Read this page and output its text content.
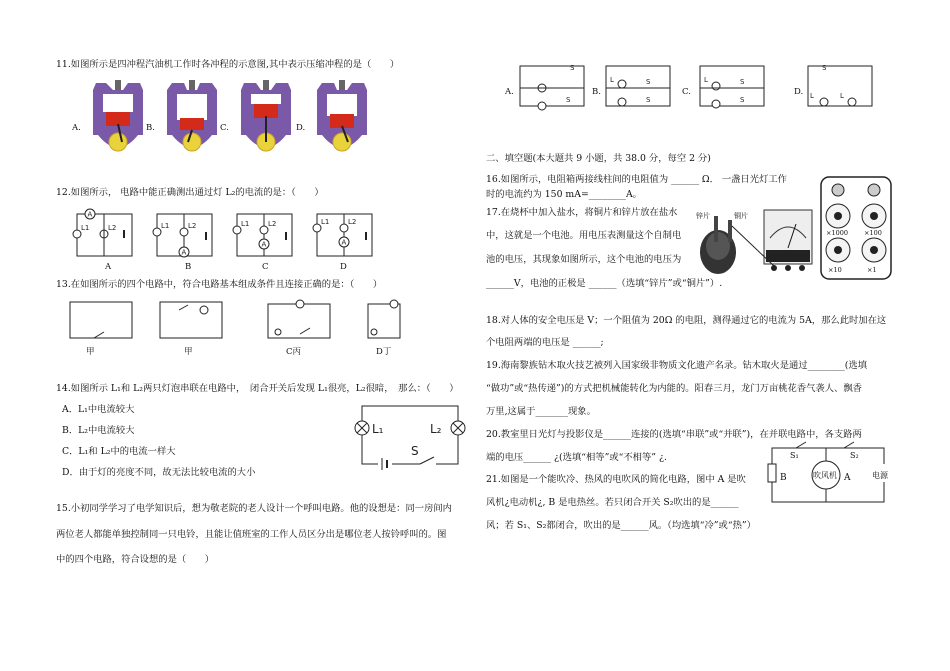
11.如图所示是四冲程汽油机工作时各冲程的示意图,其中表示压缩冲程的是（　　）
A.	B.	C.	D.
12.如图所示， 电路中能正确测出通过灯 L₂的电流的是：（　　）
A
L1	L2
A
L1	L2
A
L1	L2
A
L1	L2
A	B	C	D
13.在如图所示的四个电路中，符合电路基本组成条件且连接正确的是：（　　）
甲	甲	C丙	D丁
14.如图所示 L₁和 L₂两只灯泡串联在电路中，　闭合开关后发现 L₁很亮，L₂很暗，　那么：（　　）
A．L₁中电流较大
B．L₂中电流较大
C．L₁和 L₂中的电流一样大
D．由于灯的亮度不同，故无法比较电流的大小
L₁	L₂
S
15.小初同学学习了电学知识后，想为敬老院的老人设计一个呼叫电路。他的设想是：同一房间内
两位老人都能单独控制同一只电铃，且能让值班室的工作人员区分出是哪位老人按铃呼叫的。图
中的四个电路，符合设想的是（　　）
S
S
L	S
S
L	S
S
S
L	L
A.	B.	C.	D.
二、填空题(本大题共 9 小题，共 38.0 分，每空 2 分)
16.如图所示，电阻箱两接线柱间的电阻值为 ______ Ω． 一盏日光灯工作
时的电流约为 150 mA=________A。
17.在烧杯中加入盐水，将铜片和锌片放在盐水
中，这就是一个电池。用电压表测量这个自制电
池的电压，其现象如图所示，这个电池的电压为
______V，电池的正极是 ______（选填“锌片”或“铜片”）.
锌片	铜片
×1000 ×100
×10	×1
18.对人体的安全电压是 V；一个阻值为 20Ω 的电阻，测得通过它的电流为 5A，那么此时加在这
个电阻两端的电压是 ______;
19.海南黎族钻木取火技艺被列入国家级非物质文化遗产名录。钻木取火是通过________(选填
“做功”或“热传递”)的方式把机械能转化为内能的。阳春三月，龙门万亩桃花香气袭人、飘香
万里,这属于_______现象。
20.教室里日光灯与投影仪是______连接的(选填“串联”或“并联”)，在并联电路中，各支路两
端的电压______ ¿(选填“相等”或“不相等” ¿.
21.如图是一个能吹冷、热风的电吹风的简化电路，图中 A 是吹
风机¿电动机¿, B 是电热丝。若只闭合开关 S₂吹出的是______
风；若 S₁、S₂都闭合，吹出的是______风。（均选填“冷”或“热”）
S₁	S₂
B	A
吹风机	电源
